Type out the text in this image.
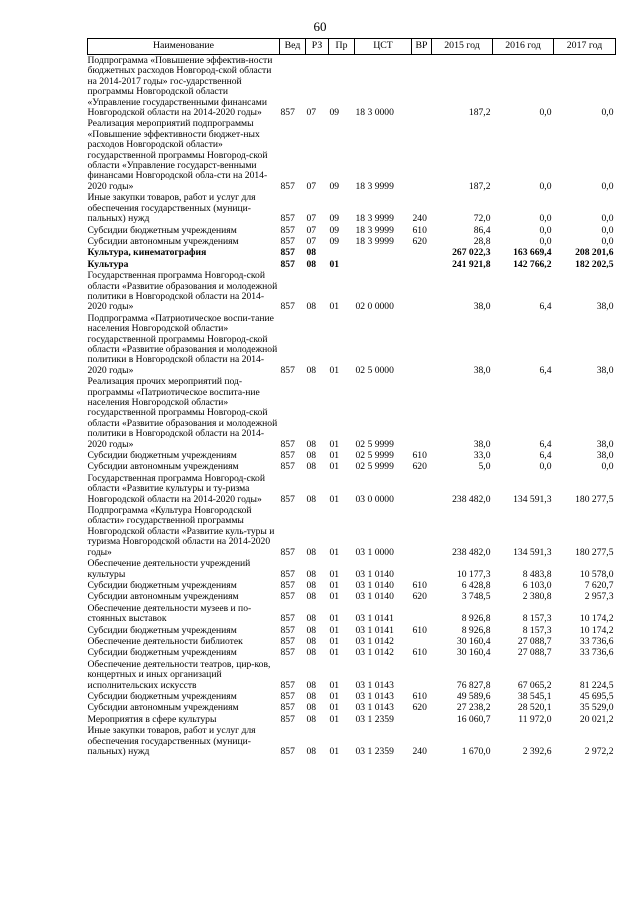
60
Наименование	Вед	РЗ	Пр	ЦСТ	ВР	2015 год	2016 год	2017 год
Подпрограмма «Повышение эффектив-ности бюджетных расходов Новгород-ской области на 2014-2017 годы» гос-ударственной программы Новгородской области «Управление государственными финансами Новгородской области на 2014-2020 годы»	857	07	09	18 3 0000		187,2	0,0	0,0
Реализация мероприятий подпрограммы «Повышение эффективности бюджет-ных расходов Новгородской области» государственной программы Новгород-ской области «Управление государст-венными финансами Новгородской обла-сти на 2014-2020 годы»	857	07	09	18 3 9999		187,2	0,0	0,0
Иные закупки товаров, работ и услуг для обеспечения государственных (муници-пальных) нужд	857	07	09	18 3 9999	240	72,0	0,0	0,0
Субсидии бюджетным учреждениям	857	07	09	18 3 9999	610	86,4	0,0	0,0
Субсидии автономным учреждениям	857	07	09	18 3 9999	620	28,8	0,0	0,0
Культура, кинематография	857	08				267 022,3	163 669,4	208 201,6
Культура	857	08	01			241 921,8	142 766,2	182 202,5
Государственная программа Новгород-ской области «Развитие образования и молодежной политики в Новгородской области на 2014-2020 годы»	857	08	01	02 0 0000		38,0	6,4	38,0
Подпрограмма «Патриотическое воспи-тание населения Новгородской области» государственной программы Новгород-ской области «Развитие образования и молодежной политики в Новгородской области на 2014-2020 годы»	857	08	01	02 5 0000		38,0	6,4	38,0
Реализация прочих мероприятий под-программы «Патриотическое воспита-ние населения Новгородской области» государственной программы Новгород-ской области «Развитие образования и молодежной политики в Новгородской области на 2014-2020 годы»	857	08	01	02 5 9999		38,0	6,4	38,0
Субсидии бюджетным учреждениям	857	08	01	02 5 9999	610	33,0	6,4	38,0
Субсидии автономным учреждениям	857	08	01	02 5 9999	620	5,0	0,0	0,0
Государственная программа Новгород-ской области «Развитие культуры и ту-ризма Новгородской области на 2014-2020 годы»	857	08	01	03 0 0000		238 482,0	134 591,3	180 277,5
Подпрограмма «Культура Новгородской области» государственной программы Новгородской области «Развитие куль-туры и туризма Новгородской области на 2014-2020 годы»	857	08	01	03 1 0000		238 482,0	134 591,3	180 277,5
Обеспечение деятельности учреждений культуры	857	08	01	03 1 0140		10 177,3	8 483,8	10 578,0
Субсидии бюджетным учреждениям	857	08	01	03 1 0140	610	6 428,8	6 103,0	7 620,7
Субсидии автономным учреждениям	857	08	01	03 1 0140	620	3 748,5	2 380,8	2 957,3
Обеспечение деятельности музеев и по-стоянных выставок	857	08	01	03 1 0141		8 926,8	8 157,3	10 174,2
Субсидии бюджетным учреждениям	857	08	01	03 1 0141	610	8 926,8	8 157,3	10 174,2
Обеспечение деятельности библиотек	857	08	01	03 1 0142		30 160,4	27 088,7	33 736,6
Субсидии бюджетным учреждениям	857	08	01	03 1 0142	610	30 160,4	27 088,7	33 736,6
Обеспечение деятельности театров, цир-ков, концертных и иных организаций исполнительских искусств	857	08	01	03 1 0143		76 827,8	67 065,2	81 224,5
Субсидии бюджетным учреждениям	857	08	01	03 1 0143	610	49 589,6	38 545,1	45 695,5
Субсидии автономным учреждениям	857	08	01	03 1 0143	620	27 238,2	28 520,1	35 529,0
Мероприятия в сфере культуры	857	08	01	03 1 2359		16 060,7	11 972,0	20 021,2
Иные закупки товаров, работ и услуг для обеспечения государственных (муници-пальных) нужд	857	08	01	03 1 2359	240	1 670,0	2 392,6	2 972,2
